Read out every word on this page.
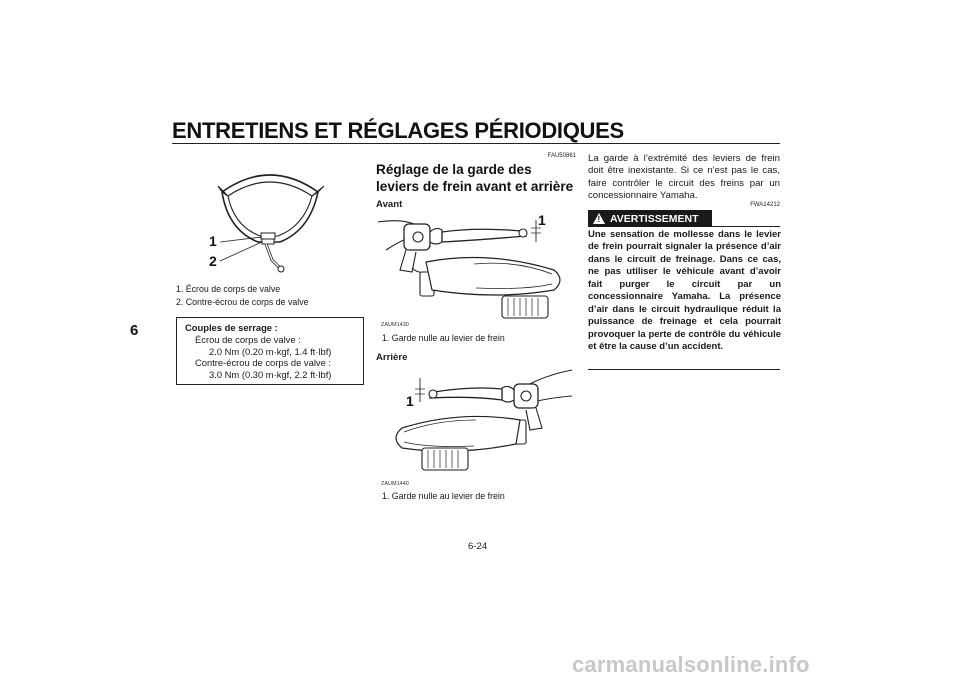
ENTRETIENS ET RÉGLAGES PÉRIODIQUES
6
1
2
1. Écrou de corps de valve
2. Contre-écrou de corps de valve
Couples de serrage :
Écrou de corps de valve :
2.0 Nm (0.20 m·kgf, 1.4 ft·lbf)
Contre-écrou de corps de valve :
3.0 Nm (0.30 m·kgf, 2.2 ft·lbf)
FAU50861
Réglage de la garde des leviers de frein avant et arrière
Avant
1
ZAUM1430
1. Garde nulle au levier de frein
Arrière
1
ZAUM1440
1. Garde nulle au levier de frein
La garde à l’extrémité des leviers de frein doit être inexistante. Si ce n’est pas le cas, faire contrôler le circuit des freins par un concessionnaire Yamaha.
FWA14212
! AVERTISSEMENT
Une sensation de mollesse dans le levier de frein pourrait signaler la présence d’air dans le circuit de freinage. Dans ce cas, ne pas utiliser le véhicule avant d’avoir fait purger le circuit par un concessionnaire Yamaha. La présence d’air dans le circuit hydraulique réduit la puissance de freinage et cela pourrait provoquer la perte de contrôle du véhicule et être la cause d’un accident.
6-24
carmanualsonline.info
